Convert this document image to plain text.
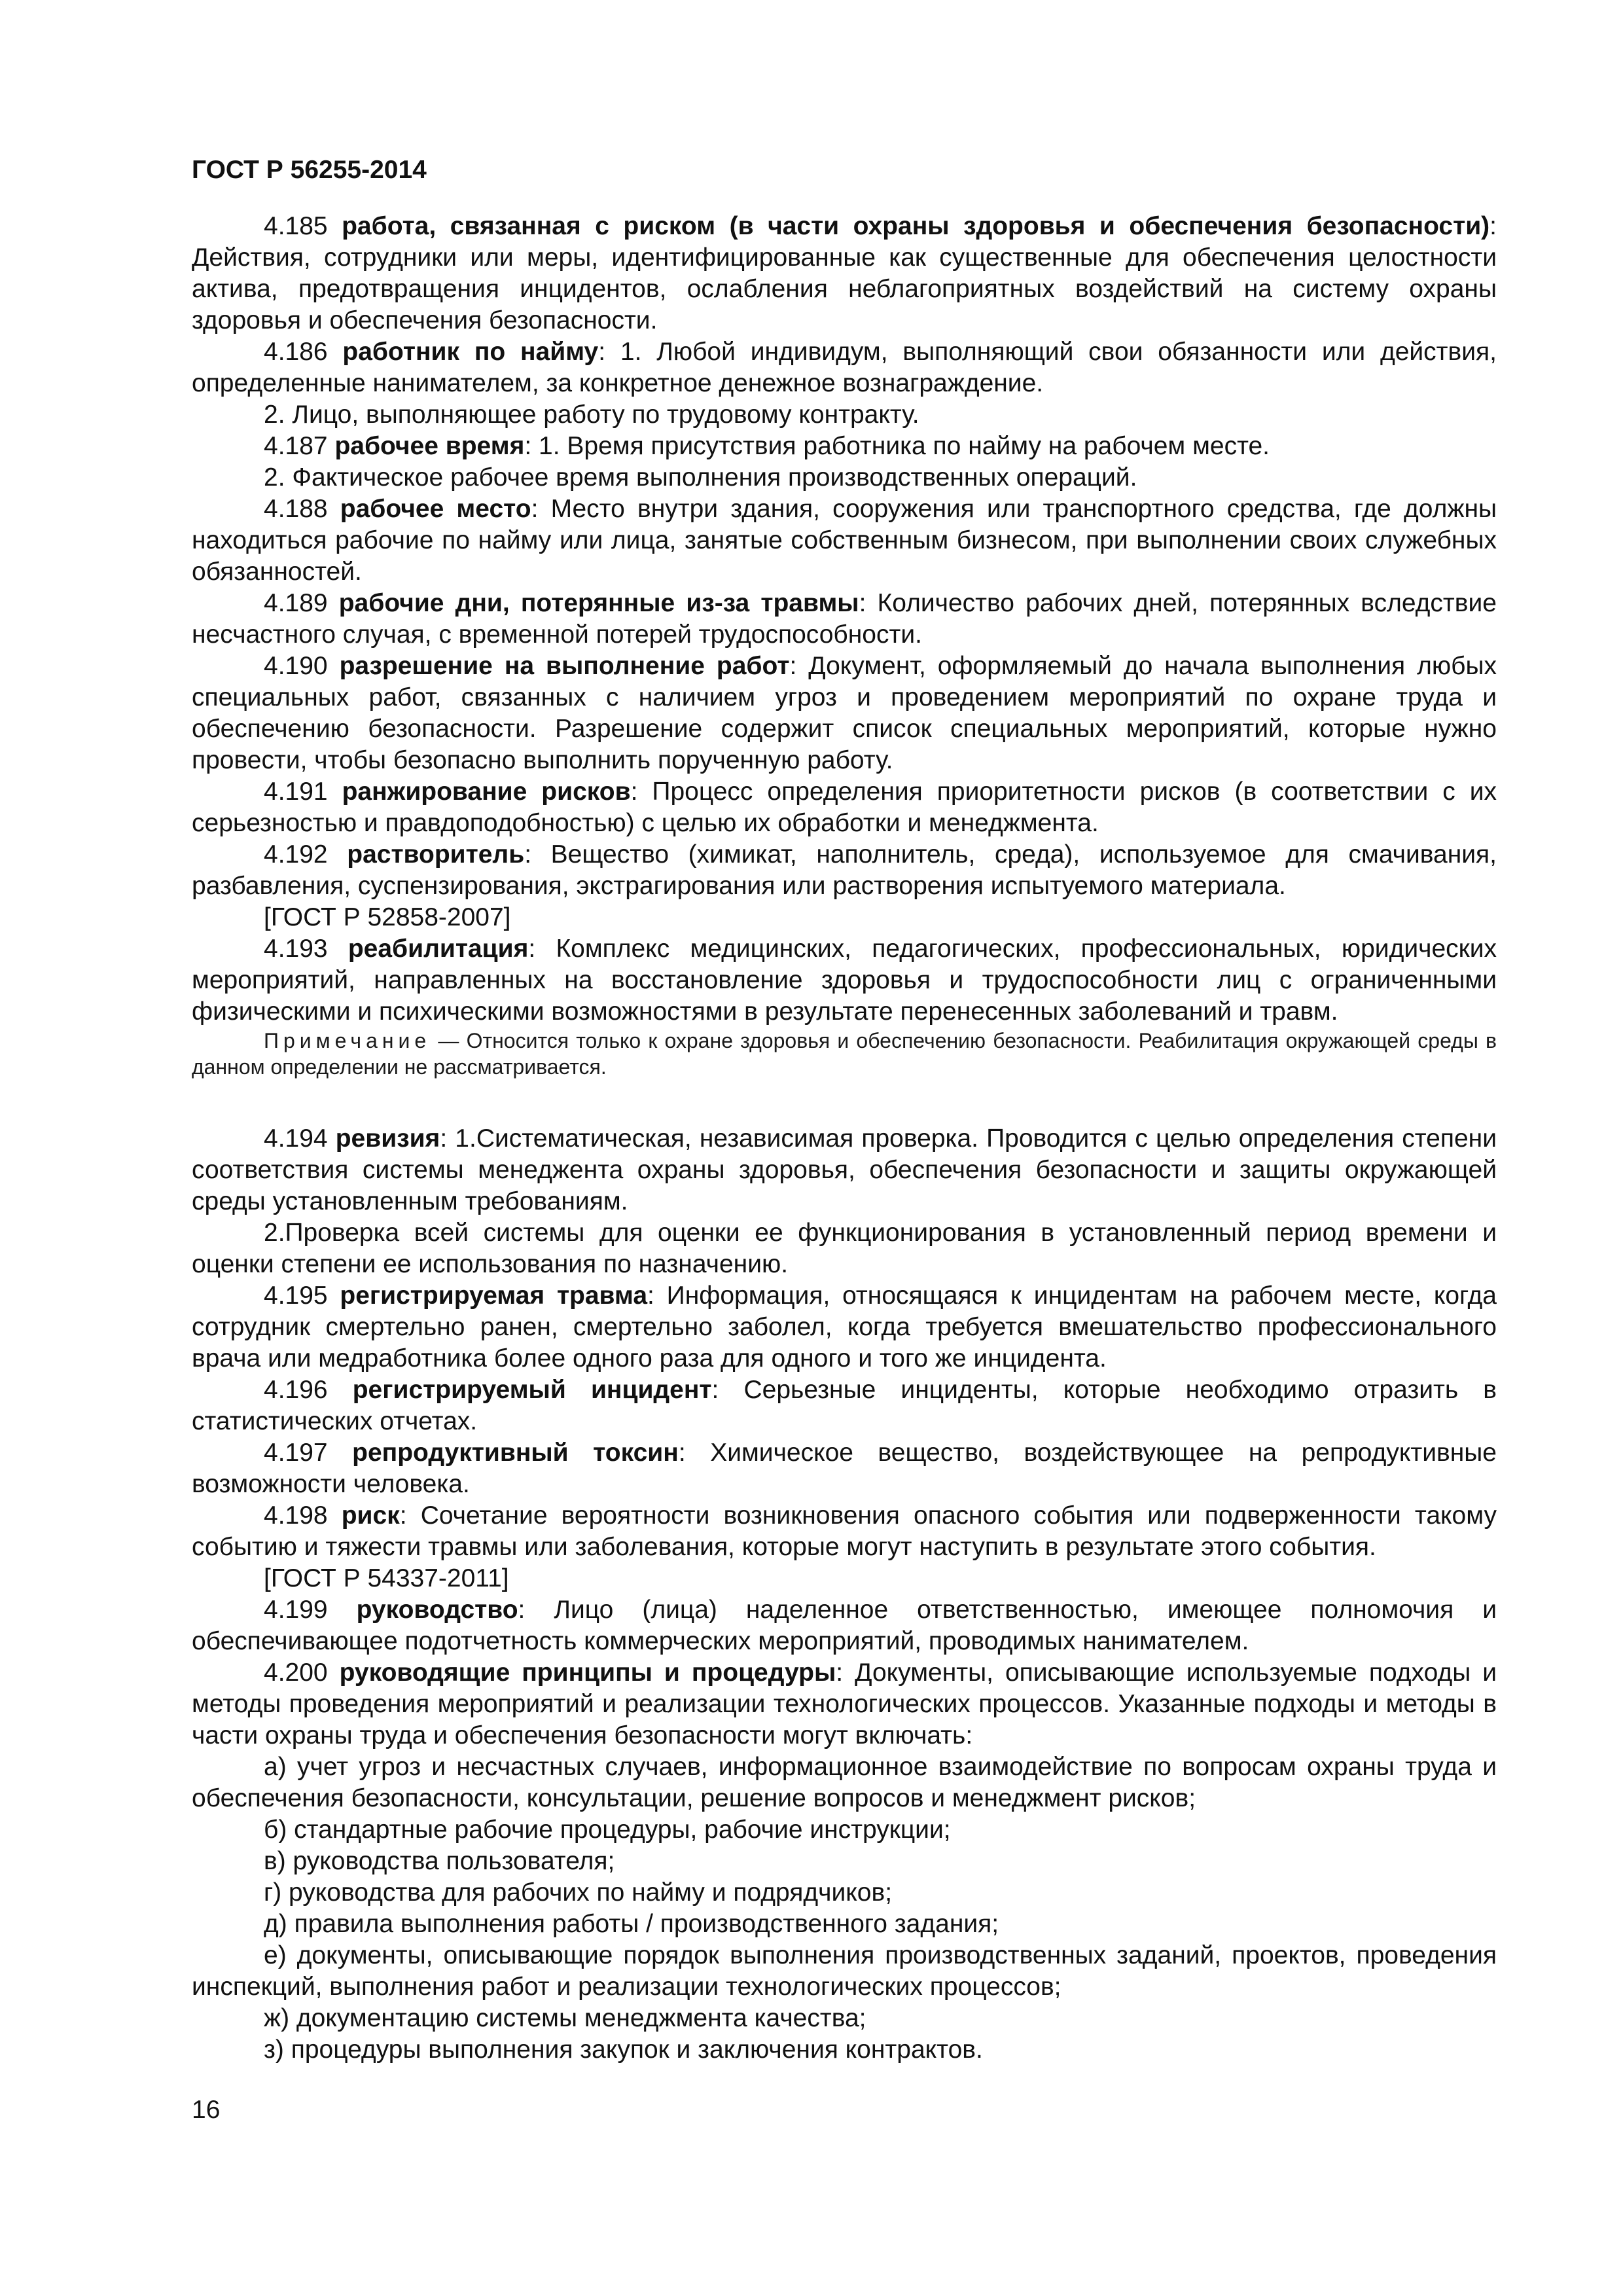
ГОСТ Р 56255-2014

4.185 работа, связанная с риском (в части охраны здоровья и обеспечения безопасности): Действия, сотрудники или меры, идентифицированные как существенные для обеспечения целостности актива, предотвращения инцидентов, ослабления неблагоприятных воздействий на систему охраны здоровья и обеспечения безопасности.

4.186 работник по найму: 1. Любой индивидум, выполняющий свои обязанности или действия, определенные нанимателем, за конкретное денежное вознаграждение.

2. Лицо, выполняющее работу по трудовому контракту.

4.187 рабочее время: 1. Время присутствия работника по найму на рабочем месте.

2. Фактическое рабочее время выполнения производственных операций.

4.188 рабочее место: Место внутри здания, сооружения или транспортного средства, где должны находиться рабочие по найму или лица, занятые собственным бизнесом, при выполнении своих служебных обязанностей.

4.189 рабочие дни, потерянные из-за травмы: Количество рабочих дней, потерянных вследствие несчастного случая, с временной потерей трудоспособности.

4.190 разрешение на выполнение работ: Документ, оформляемый до начала выполнения любых специальных работ, связанных с наличием угроз и проведением мероприятий по охране труда и обеспечению безопасности. Разрешение содержит список специальных мероприятий, которые нужно провести, чтобы безопасно выполнить порученную работу.

4.191 ранжирование рисков: Процесс определения приоритетности рисков (в соответствии с их серьезностью и правдоподобностью) с целью их обработки и менеджмента.

4.192 растворитель: Вещество (химикат, наполнитель, среда), используемое для смачивания, разбавления, суспензирования, экстрагирования или растворения испытуемого материала.

[ГОСТ Р 52858-2007]

4.193 реабилитация: Комплекс медицинских, педагогических, профессиональных, юридических мероприятий, направленных на восстановление здоровья и трудоспособности лиц с ограниченными физическими и психическими возможностями в результате перенесенных заболеваний и травм.

Примечание — Относится только к охране здоровья и обеспечению безопасности. Реабилитация окружающей среды в данном определении не рассматривается.

4.194 ревизия: 1.Систематическая, независимая проверка. Проводится с целью определения степени соответствия системы менеджента охраны здоровья, обеспечения безопасности и защиты окружающей среды установленным требованиям.

2.Проверка всей системы для оценки ее функционирования в установленный период времени и оценки степени ее использования по назначению.

4.195 регистрируемая травма: Информация, относящаяся к инцидентам на рабочем месте, когда сотрудник смертельно ранен, смертельно заболел, когда требуется вмешательство профессионального врача или медработника более одного раза для одного и того же инцидента.

4.196 регистрируемый инцидент: Серьезные инциденты, которые необходимо отразить в статистических отчетах.

4.197 репродуктивный токсин: Химическое вещество, воздействующее на репродуктивные возможности человека.

4.198 риск: Сочетание вероятности возникновения опасного события или подверженности такому событию и тяжести травмы или заболевания, которые могут наступить в результате этого события.

[ГОСТ Р 54337-2011]

4.199 руководство: Лицо (лица) наделенное ответственностью, имеющее полномочия и обеспечивающее подотчетность коммерческих мероприятий, проводимых нанимателем.

4.200 руководящие принципы и процедуры: Документы, описывающие используемые подходы и методы проведения мероприятий и реализации технологических процессов. Указанные подходы и методы в части охраны труда и обеспечения безопасности могут включать:

а) учет угроз и несчастных случаев, информационное взаимодействие по вопросам охраны труда и обеспечения безопасности, консультации, решение вопросов и менеджмент рисков;

б) стандартные рабочие процедуры, рабочие инструкции;

в) руководства пользователя;

г) руководства для рабочих по найму и подрядчиков;

д) правила выполнения работы / производственного задания;

е) документы, описывающие порядок выполнения производственных заданий, проектов, проведения инспекций, выполнения работ и реализации технологических процессов;

ж) документацию системы менеджмента качества;

з) процедуры выполнения закупок и заключения контрактов.

16
